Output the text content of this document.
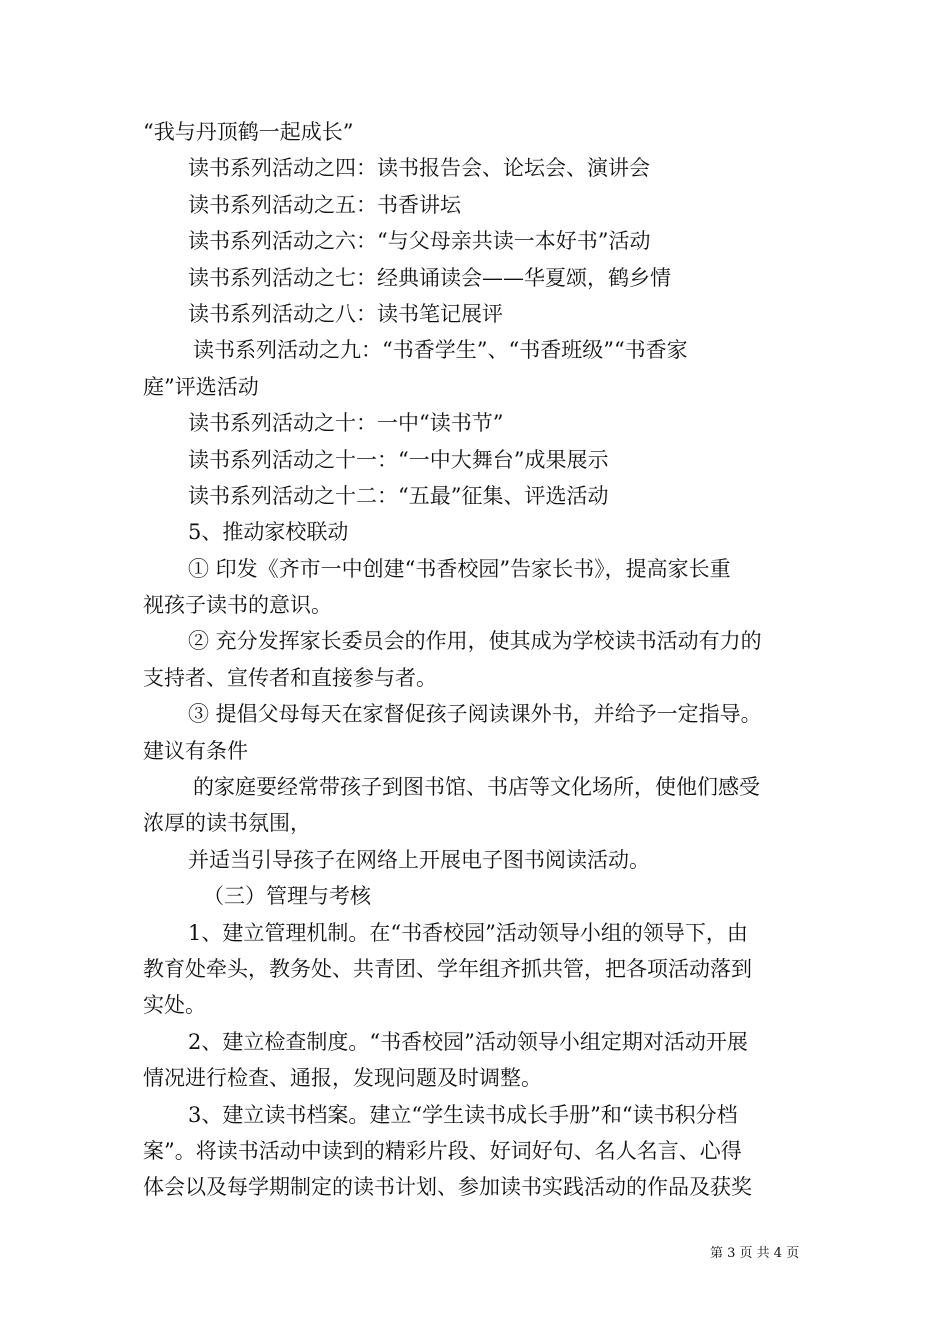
“我与丹顶鹤一起成长”

读书系列活动之四：读书报告会、论坛会、演讲会

读书系列活动之五：书香讲坛

读书系列活动之六：“与父母亲共读一本好书”活动

读书系列活动之七：经典诵读会——华夏颂，鹤乡情

读书系列活动之八：读书笔记展评

读书系列活动之九：“书香学生”、“书香班级”“书香家

庭”评选活动

读书系列活动之十：一中“读书节”

读书系列活动之十一：“一中大舞台”成果展示

读书系列活动之十二：“五最”征集、评选活动

5、推动家校联动

① 印发《齐市一中创建“书香校园”告家长书》，提高家长重

视孩子读书的意识。

② 充分发挥家长委员会的作用，使其成为学校读书活动有力的

支持者、宣传者和直接参与者。

③ 提倡父母每天在家督促孩子阅读课外书，并给予一定指导。

建议有条件

的家庭要经常带孩子到图书馆、书店等文化场所，使他们感受

浓厚的读书氛围，

并适当引导孩子在网络上开展电子图书阅读活动。

（三）管理与考核

1、建立管理机制。在“书香校园”活动领导小组的领导下，由

教育处牵头，教务处、共青团、学年组齐抓共管，把各项活动落到

实处。

2、建立检查制度。“书香校园”活动领导小组定期对活动开展

情况进行检查、通报，发现问题及时调整。

3、建立读书档案。建立“学生读书成长手册”和“读书积分档

案”。将读书活动中读到的精彩片段、好词好句、名人名言、心得

体会以及每学期制定的读书计划、参加读书实践活动的作品及获奖

第 3 页 共 4 页
